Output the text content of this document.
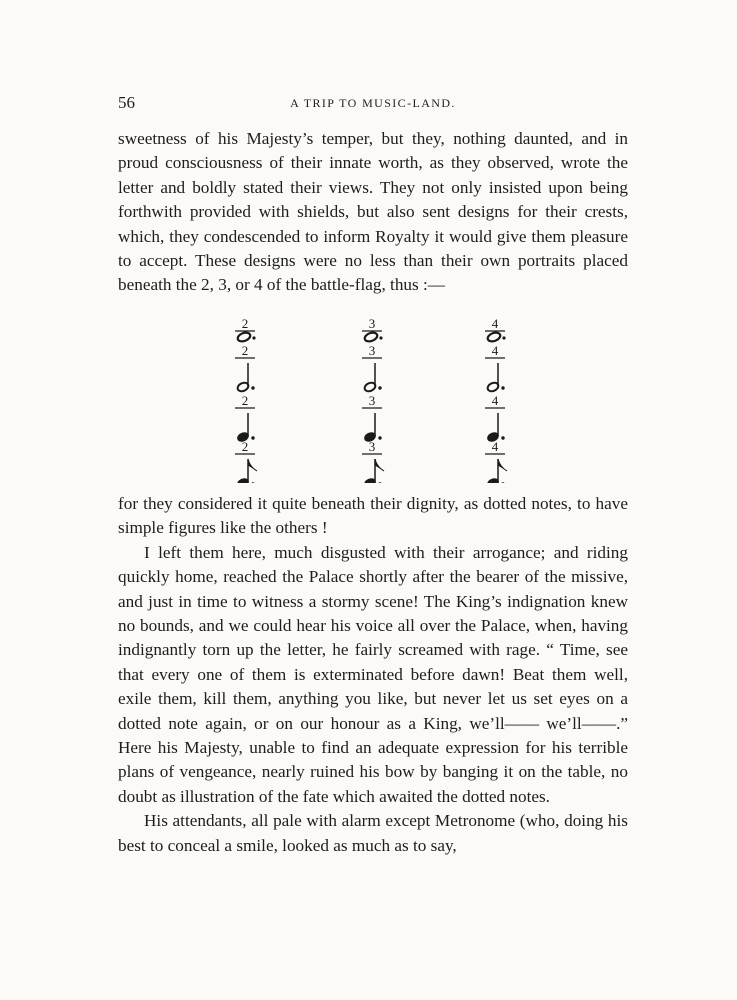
56	A TRIP TO MUSIC-LAND.

sweetness of his Majesty’s temper, but they, nothing daunted, and in proud consciousness of their innate worth, as they observed, wrote the letter and boldly stated their views. They not only insisted upon being forthwith provided with shields, but also sent designs for their crests, which, they condescended to inform Royalty it would give them pleasure to accept. These designs were no less than their own portraits placed beneath the 2, 3, or 4 of the battle-flag, thus :—

2
2
2
2
3
3
3
3
4
4
4
4

for they considered it quite beneath their dignity, as dotted notes, to have simple figures like the others !

I left them here, much disgusted with their arrogance; and riding quickly home, reached the Palace shortly after the bearer of the missive, and just in time to witness a stormy scene! The King’s indignation knew no bounds, and we could hear his voice all over the Palace, when, having indignantly torn up the letter, he fairly screamed with rage. “ Time, see that every one of them is exterminated before dawn! Beat them well, exile them, kill them, anything you like, but never let us set eyes on a dotted note again, or on our honour as a King, we’ll—— we’ll——.” Here his Majesty, unable to find an adequate expression for his terrible plans of vengeance, nearly ruined his bow by banging it on the table, no doubt as illustration of the fate which awaited the dotted notes.

His attendants, all pale with alarm except Metronome (who, doing his best to conceal a smile, looked as much as to say,
